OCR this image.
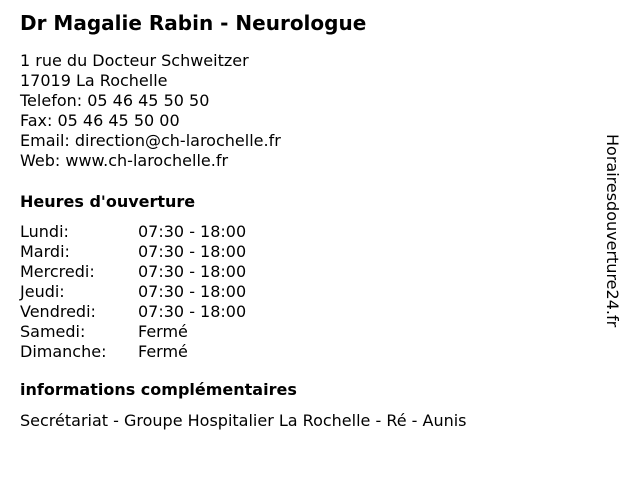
Dr Magalie Rabin - Neurologue
1 rue du Docteur Schweitzer
17019 La Rochelle
Telefon: 05 46 45 50 50
Fax: 05 46 45 50 00
Email: direction@ch-larochelle.fr
Web: www.ch-larochelle.fr
Heures d'ouverture
Lundi:	07:30 - 18:00
Mardi:	07:30 - 18:00
Mercredi:	07:30 - 18:00
Jeudi:	07:30 - 18:00
Vendredi:	07:30 - 18:00
Samedi:	Fermé
Dimanche:	Fermé
informations complémentaires
Secrétariat - Groupe Hospitalier La Rochelle - Ré - Aunis
Horairesdouverture24.fr
